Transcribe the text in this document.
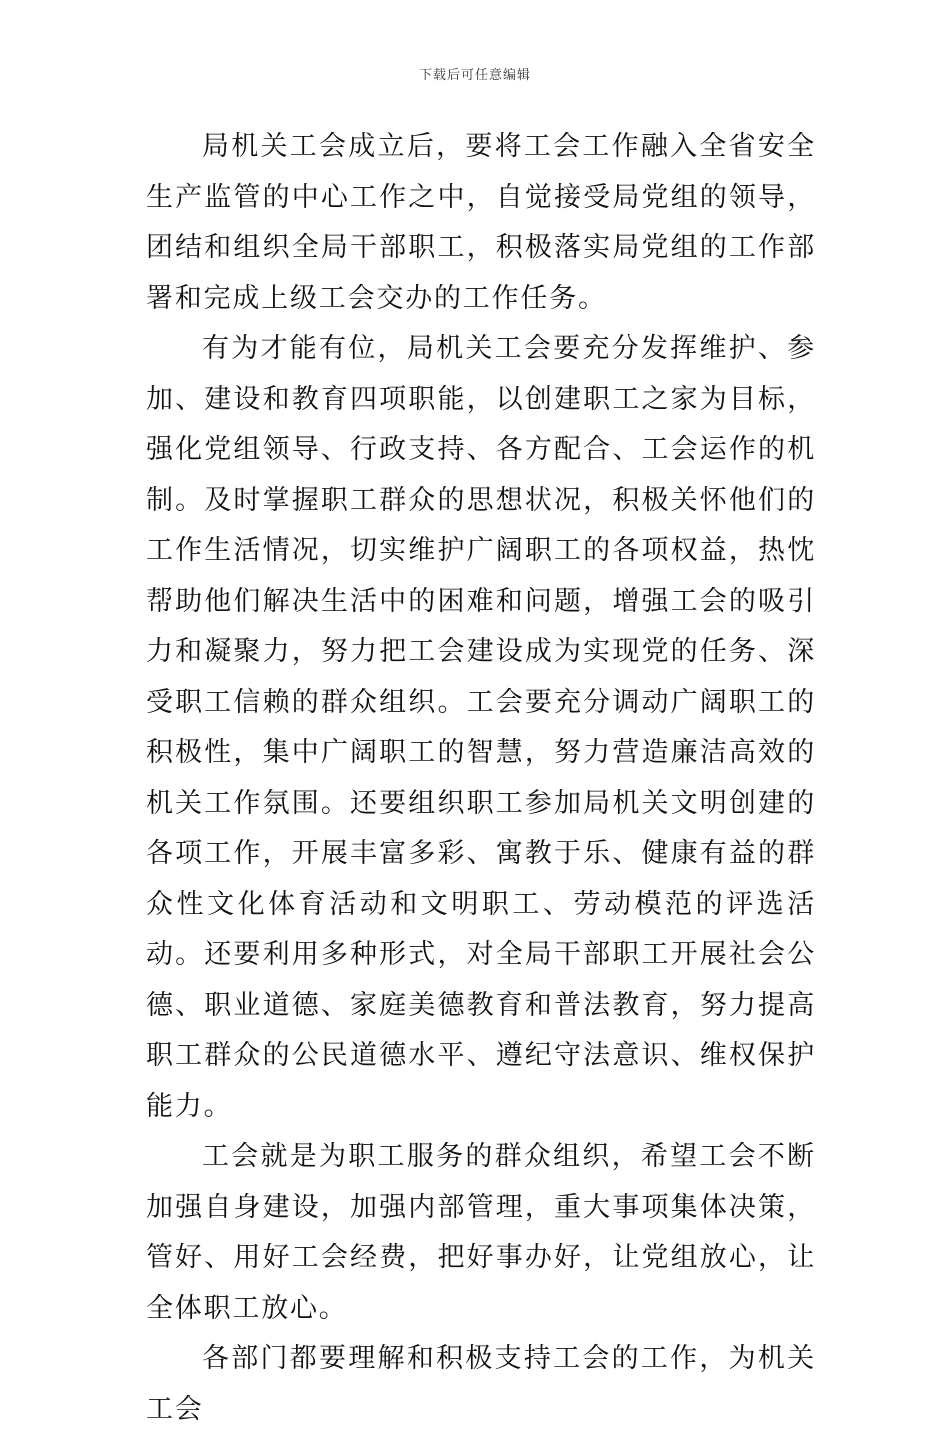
下载后可任意编辑

局机关工会成立后，要将工会工作融入全省安全生产监管的中心工作之中，自觉接受局党组的领导，团结和组织全局干部职工，积极落实局党组的工作部署和完成上级工会交办的工作任务。

有为才能有位，局机关工会要充分发挥维护、参加、建设和教育四项职能，以创建职工之家为目标，强化党组领导、行政支持、各方配合、工会运作的机制。及时掌握职工群众的思想状况，积极关怀他们的工作生活情况，切实维护广阔职工的各项权益，热忱帮助他们解决生活中的困难和问题，增强工会的吸引力和凝聚力，努力把工会建设成为实现党的任务、深受职工信赖的群众组织。工会要充分调动广阔职工的积极性，集中广阔职工的智慧，努力营造廉洁高效的机关工作氛围。还要组织职工参加局机关文明创建的各项工作，开展丰富多彩、寓教于乐、健康有益的群众性文化体育活动和文明职工、劳动模范的评选活动。还要利用多种形式，对全局干部职工开展社会公德、职业道德、家庭美德教育和普法教育，努力提高职工群众的公民道德水平、遵纪守法意识、维权保护能力。

工会就是为职工服务的群众组织，希望工会不断加强自身建设，加强内部管理，重大事项集体决策，管好、用好工会经费，把好事办好，让党组放心，让全体职工放心。

各部门都要理解和积极支持工会的工作，为机关工会
